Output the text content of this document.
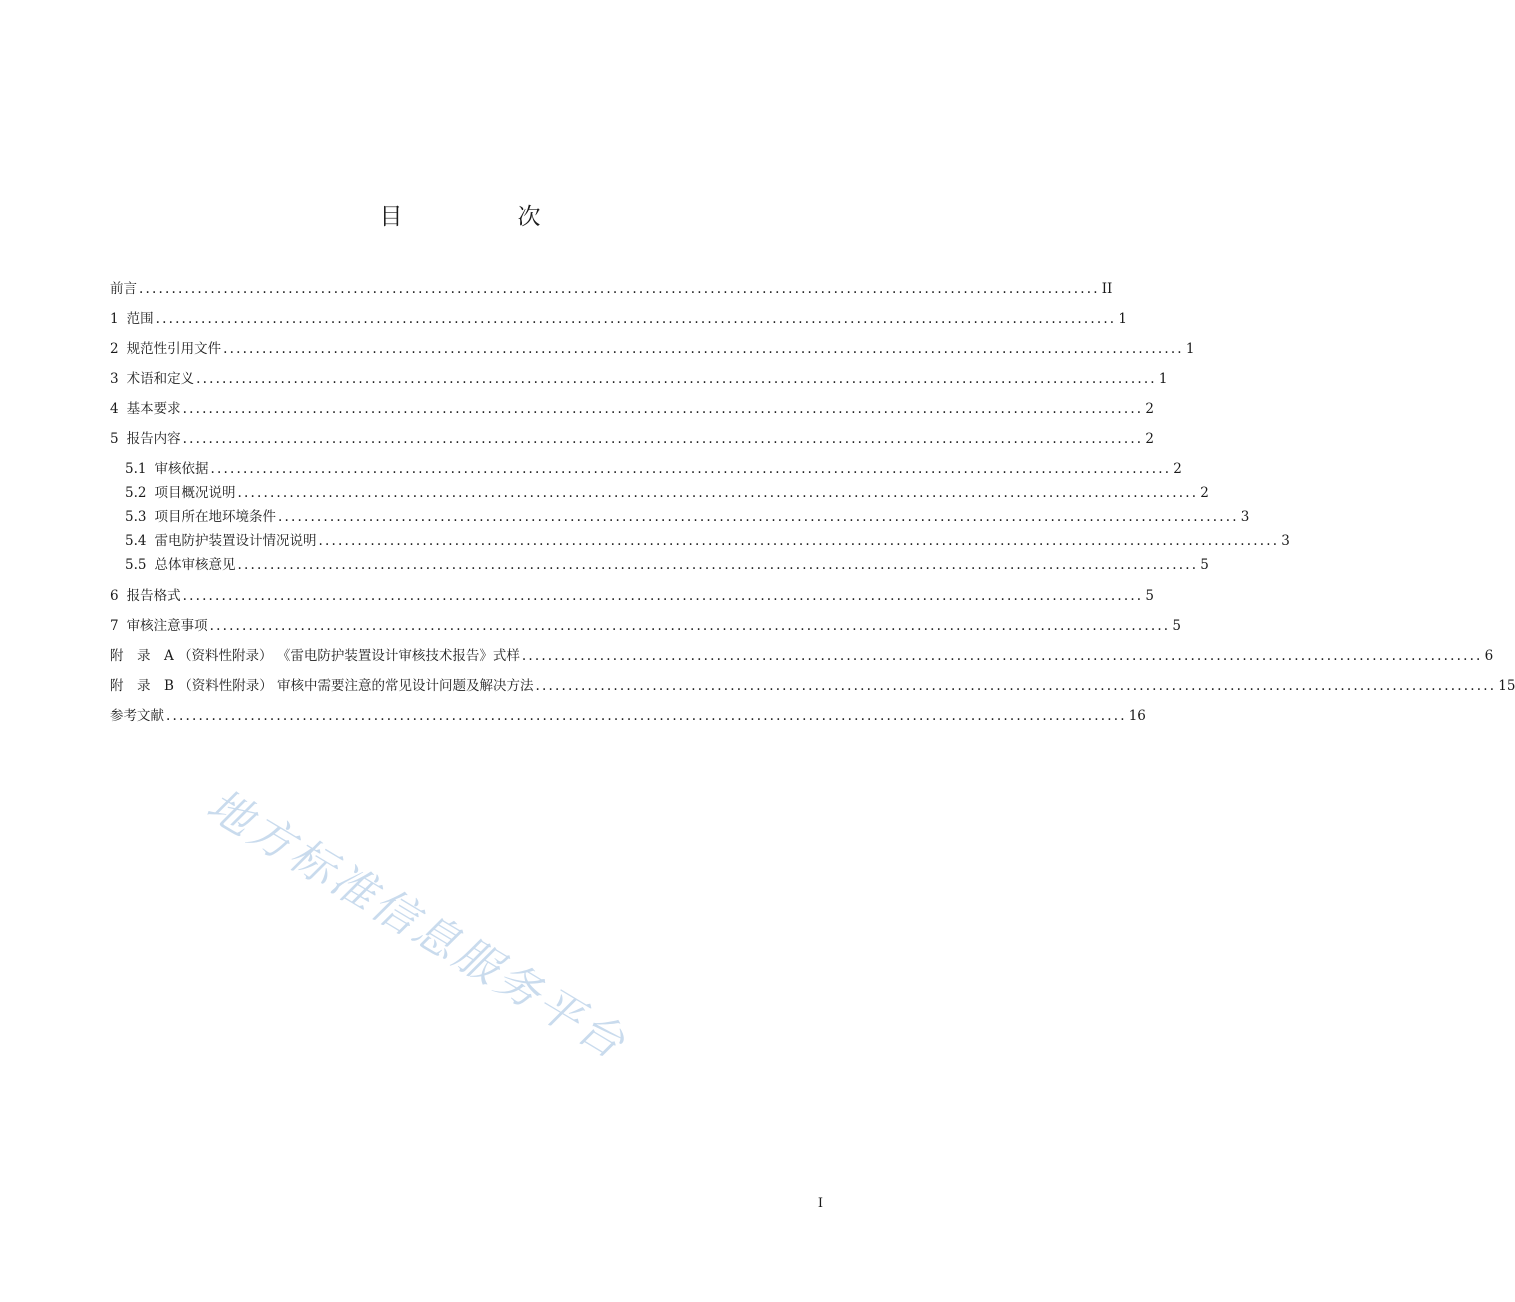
目　次
前言 .................................................................................................................................................... II
1 范围 .................................................................................................................................................... 1
2 规范性引用文件 .................................................................................................................................................... 1
3 术语和定义 .................................................................................................................................................... 1
4 基本要求 .................................................................................................................................................... 2
5 报告内容 .................................................................................................................................................... 2
5.1 审核依据 .................................................................................................................................................... 2
5.2 项目概况说明 .................................................................................................................................................... 2
5.3 项目所在地环境条件 .................................................................................................................................................... 3
5.4 雷电防护装置设计情况说明 .................................................................................................................................................... 3
5.5 总体审核意见 .................................................................................................................................................... 5
6 报告格式 .................................................................................................................................................... 5
7 审核注意事项 .................................................................................................................................................... 5
附　录　A （资料性附录） 《雷电防护装置设计审核技术报告》式样 .................................................................................................................................................... 6
附　录　B （资料性附录） 审核中需要注意的常见设计问题及解决方法 .................................................................................................................................................... 15
参考文献 .................................................................................................................................................... 16
地方标准信息服务平台
I
